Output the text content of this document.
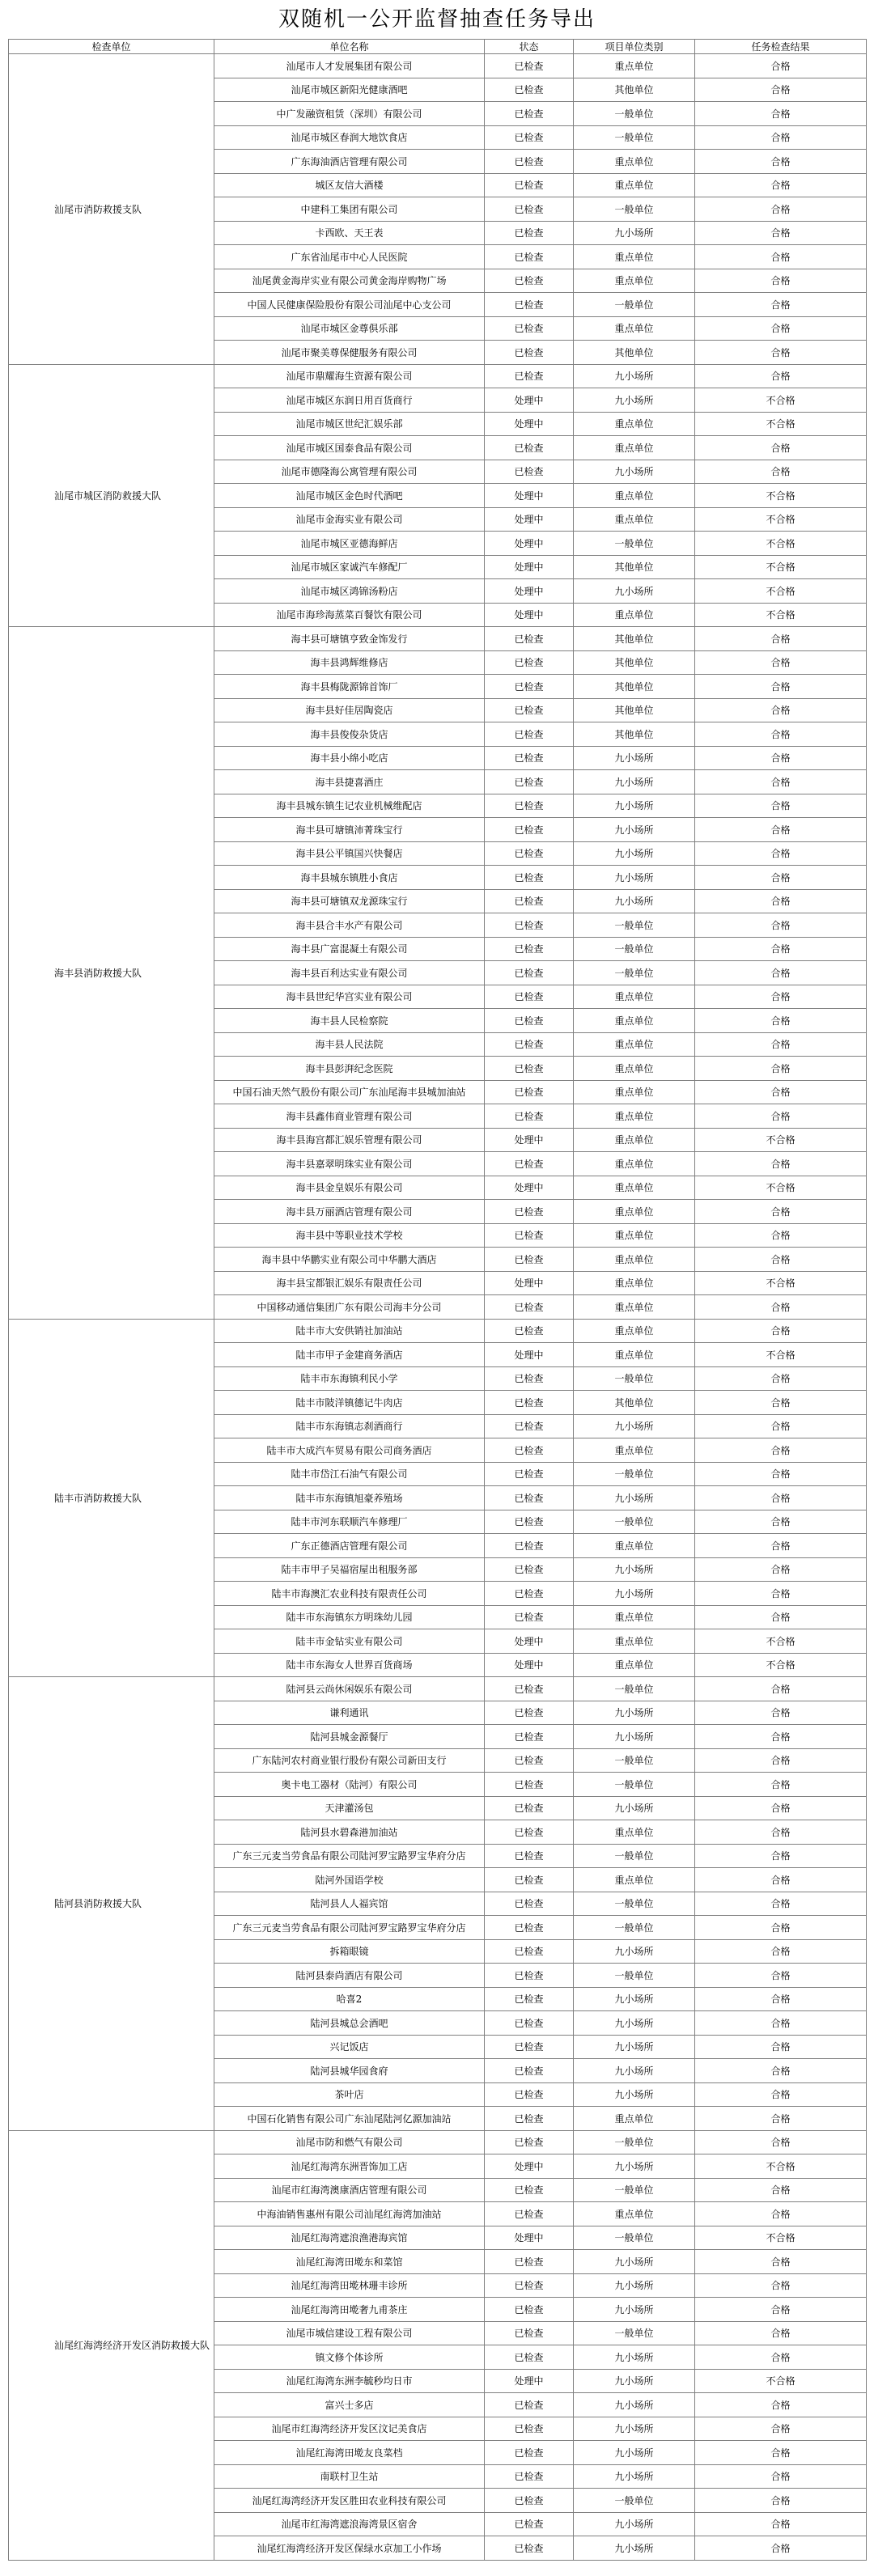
双随机一公开监督抽查任务导出
检查单位	单位名称	状态	项目单位类别	任务检查结果
汕尾市消防救援支队	汕尾市人才发展集团有限公司	已检查	重点单位	合格
	汕尾市城区新阳光健康酒吧	已检查	其他单位	合格
	中广发融资租赁（深圳）有限公司	已检查	一般单位	合格
	汕尾市城区春润大地饮食店	已检查	一般单位	合格
	广东海油酒店管理有限公司	已检查	重点单位	合格
	城区友信大酒楼	已检查	重点单位	合格
	中建科工集团有限公司	已检查	一般单位	合格
	卡西欧、天王表	已检查	九小场所	合格
	广东省汕尾市中心人民医院	已检查	重点单位	合格
	汕尾黄金海岸实业有限公司黄金海岸购物广场	已检查	重点单位	合格
	中国人民健康保险股份有限公司汕尾中心支公司	已检查	一般单位	合格
	汕尾市城区金尊俱乐部	已检查	重点单位	合格
	汕尾市聚美尊保健服务有限公司	已检查	其他单位	合格
汕尾市城区消防救援大队	汕尾市鼎耀海生资源有限公司	已检查	九小场所	合格
	汕尾市城区东润日用百货商行	处理中	九小场所	不合格
	汕尾市城区世纪汇娱乐部	处理中	重点单位	不合格
	汕尾市城区国泰食品有限公司	已检查	重点单位	合格
	汕尾市德隆海公寓管理有限公司	已检查	九小场所	合格
	汕尾市城区金色时代酒吧	处理中	重点单位	不合格
	汕尾市金海实业有限公司	处理中	重点单位	不合格
	汕尾市城区亚德海鲜店	处理中	一般单位	不合格
	汕尾市城区家诚汽车修配厂	处理中	其他单位	不合格
	汕尾市城区鸿锦汤粉店	处理中	九小场所	不合格
	汕尾市海珍海蒸菜百餐饮有限公司	处理中	重点单位	不合格
海丰县消防救援大队	海丰县可塘镇亨致金饰发行	已检查	其他单位	合格
	海丰县鸿辉维修店	已检查	其他单位	合格
	海丰县梅陇源锦首饰厂	已检查	其他单位	合格
	海丰县好佳居陶瓷店	已检查	其他单位	合格
	海丰县俊俊杂货店	已检查	其他单位	合格
	海丰县小绵小吃店	已检查	九小场所	合格
	海丰县捷喜酒庄	已检查	九小场所	合格
	海丰县城东镇生记农业机械维配店	已检查	九小场所	合格
	海丰县可塘镇沛菁珠宝行	已检查	九小场所	合格
	海丰县公平镇国兴快餐店	已检查	九小场所	合格
	海丰县城东镇胜小食店	已检查	九小场所	合格
	海丰县可塘镇双龙源珠宝行	已检查	九小场所	合格
	海丰县合丰水产有限公司	已检查	一般单位	合格
	海丰县广富混凝土有限公司	已检查	一般单位	合格
	海丰县百利达实业有限公司	已检查	一般单位	合格
	海丰县世纪华宫实业有限公司	已检查	重点单位	合格
	海丰县人民检察院	已检查	重点单位	合格
	海丰县人民法院	已检查	重点单位	合格
	海丰县彭湃纪念医院	已检查	重点单位	合格
	中国石油天然气股份有限公司广东汕尾海丰县城加油站	已检查	重点单位	合格
	海丰县鑫伟商业管理有限公司	已检查	重点单位	合格
	海丰县海宫都汇娱乐管理有限公司	处理中	重点单位	不合格
	海丰县嘉翠明珠实业有限公司	已检查	重点单位	合格
	海丰县金皇娱乐有限公司	处理中	重点单位	不合格
	海丰县万丽酒店管理有限公司	已检查	重点单位	合格
	海丰县中等职业技术学校	已检查	重点单位	合格
	海丰县中华鹏实业有限公司中华鹏大酒店	已检查	重点单位	合格
	海丰县宝都银汇娱乐有限责任公司	处理中	重点单位	不合格
	中国移动通信集团广东有限公司海丰分公司	已检查	重点单位	合格
陆丰市消防救援大队	陆丰市大安供销社加油站	已检查	重点单位	合格
	陆丰市甲子金建商务酒店	处理中	重点单位	不合格
	陆丰市东海镇利民小学	已检查	一般单位	合格
	陆丰市陂洋镇德记牛肉店	已检查	其他单位	合格
	陆丰市东海镇志刹酒商行	已检查	九小场所	合格
	陆丰市大成汽车贸易有限公司商务酒店	已检查	重点单位	合格
	陆丰市岱江石油气有限公司	已检查	一般单位	合格
	陆丰市东海镇旭豪养殖场	已检查	九小场所	合格
	陆丰市河东联顺汽车修理厂	已检查	一般单位	合格
	广东正德酒店管理有限公司	已检查	重点单位	合格
	陆丰市甲子吴福宿屋出租服务部	已检查	九小场所	合格
	陆丰市海澳汇农业科技有限责任公司	已检查	九小场所	合格
	陆丰市东海镇东方明珠幼儿园	已检查	重点单位	合格
	陆丰市金钻实业有限公司	处理中	重点单位	不合格
	陆丰市东海女人世界百货商场	处理中	重点单位	不合格
陆河县消防救援大队	陆河县云尚休闲娱乐有限公司	已检查	一般单位	合格
	谦利通讯	已检查	九小场所	合格
	陆河县城金源餐厅	已检查	九小场所	合格
	广东陆河农村商业银行股份有限公司新田支行	已检查	一般单位	合格
	奥卡电工器材（陆河）有限公司	已检查	一般单位	合格
	天津灌汤包	已检查	九小场所	合格
	陆河县水碧森港加油站	已检查	重点单位	合格
	广东三元麦当劳食品有限公司陆河罗宝路罗宝华府分店	已检查	一般单位	合格
	陆河外国语学校	已检查	重点单位	合格
	陆河县人人福宾馆	已检查	一般单位	合格
	广东三元麦当劳食品有限公司陆河罗宝路罗宝华府分店	已检查	一般单位	合格
	拆箱眼镜	已检查	九小场所	合格
	陆河县泰尚酒店有限公司	已检查	一般单位	合格
	哈喜2	已检查	九小场所	合格
	陆河县城总会酒吧	已检查	九小场所	合格
	兴记饭店	已检查	九小场所	合格
	陆河县城华园食府	已检查	九小场所	合格
	茶叶店	已检查	九小场所	合格
	中国石化销售有限公司广东汕尾陆河亿源加油站	已检查	重点单位	合格
汕尾红海湾经济开发区消防救援大队	汕尾市防和燃气有限公司	已检查	一般单位	合格
	汕尾红海湾东洲晋饰加工店	处理中	九小场所	不合格
	汕尾市红海湾澳康酒店管理有限公司	已检查	一般单位	合格
	中海油销售惠州有限公司汕尾红海湾加油站	已检查	重点单位	合格
	汕尾红海湾遮浪渔港海宾馆	处理中	一般单位	不合格
	汕尾红海湾田墘东和菜馆	已检查	九小场所	合格
	汕尾红海湾田墘林珊丰诊所	已检查	九小场所	合格
	汕尾红海湾田墘奢九甫茶庄	已检查	九小场所	合格
	汕尾市城信建设工程有限公司	已检查	一般单位	合格
	镇文修个体诊所	已检查	九小场所	合格
	汕尾红海湾东洲李毓秒均日市	处理中	九小场所	不合格
	富兴士多店	已检查	九小场所	合格
	汕尾市红海湾经济开发区汶记美食店	已检查	九小场所	合格
	汕尾红海湾田墘友良菜档	已检查	九小场所	合格
	南联村卫生站	已检查	九小场所	合格
	汕尾红海湾经济开发区胜田农业科技有限公司	已检查	一般单位	合格
	汕尾市红海湾遮浪海湾景区宿舍	已检查	九小场所	合格
	汕尾红海湾经济开发区保绿水京加工小作场	已检查	九小场所	合格
